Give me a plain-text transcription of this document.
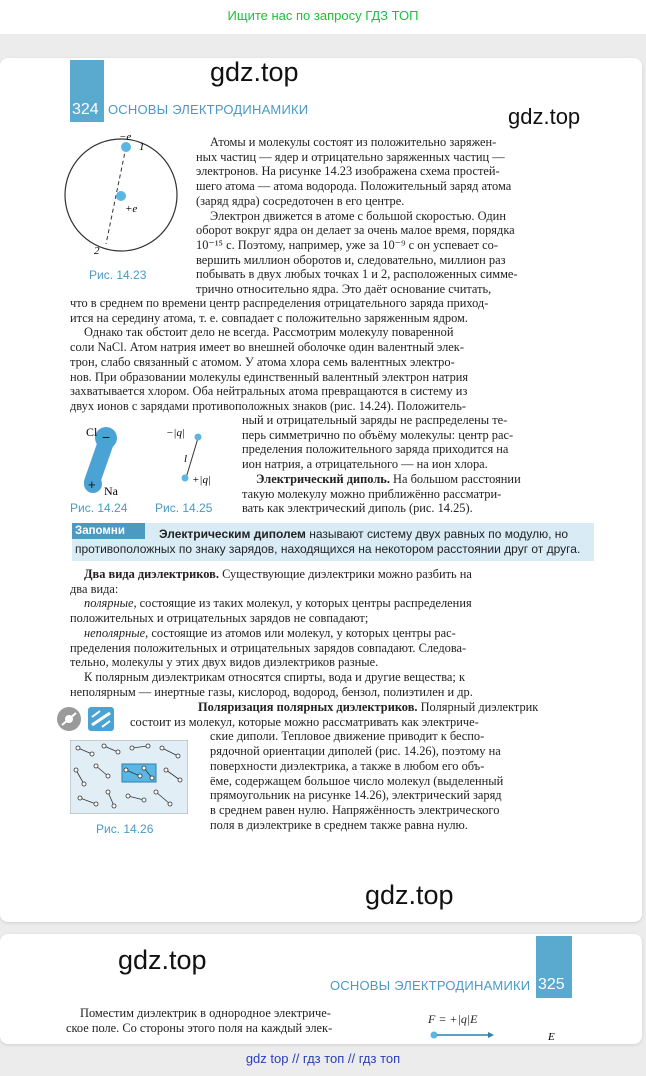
Ищите нас по запросу ГДЗ ТОП
324 ОСНОВЫ ЭЛЕКТРОДИНАМИКИ
gdz.top
gdz.top
−e
1
+e
2
Рис. 14.23

Атомы и молекулы состоят из положительно заряжен-

ных частиц — ядер и отрицательно заряженных частиц —
электронов. На рисунке 14.23 изображена схема простей-
шего атома — атома водорода. Положительный заряд атома
(заряд ядра) сосредоточен в его центре.

Электрон движется в атоме с большой скоростью. Один

оборот вокруг ядра он делает за очень малое время, порядка
10⁻¹⁵ с. Поэтому, например, уже за 10⁻⁹ с он успевает со-
вершить миллион оборотов и, следовательно, миллион раз
побывать в двух любых точках 1 и 2, расположенных симме-
трично относительно ядра. Это даёт основание считать,

что в среднем по времени центр распределения отрицательного заряда приход-
ится на середину атома, т. е. совпадает с положительно заряженным ядром.

Однако так обстоит дело не всегда. Рассмотрим молекулу поваренной

соли NaCl. Атом натрия имеет во внешней оболочке один валентный элек-
трон, слабо связанный с атомом. У атома хлора семь валентных электро-
нов. При образовании молекулы единственный валентный электрон натрия
захватывается хлором. Оба нейтральных атома превращаются в систему из
двух ионов с зарядами противоположных знаков (рис. 14.24). Положитель-

−
+
Cl
Na
Рис. 14.24
−|q|
l
+|q|
Рис. 14.25

ный и отрицательный заряды не распределены те-
перь симметрично по объёму молекулы: центр рас-
пределения положительного заряда приходится на
ион натрия, а отрицательного — на ион хлора.

Электрический диполь. На большом расстоянии

такую молекулу можно приближённо рассматри-
вать как электрический диполь (рис. 14.25).

Запомни	Электрическим диполем называют систему двух равных по модулю, но
противоположных по знаку зарядов, находящихся на некотором расстоянии друг от друга.

Два вида диэлектриков. Существующие диэлектрики можно разбить на

два вида:

полярные, состоящие из таких молекул, у которых центры распределения

положительных и отрицательных зарядов не совпадают;

неполярные, состоящие из атомов или молекул, у которых центры рас-

пределения положительных и отрицательных зарядов совпадают. Следова-
тельно, молекулы у этих двух видов диэлектриков разные.

К полярным диэлектрикам относятся спирты, вода и другие вещества; к

неполярным — инертные газы, кислород, водород, бензол, полиэтилен и др.

Поляризация полярных диэлектриков. Полярный диэлектрик

состоит из молекул, которые можно рассматривать как электриче-

ские диполи. Тепловое движение приводит к беспо-
рядочной ориентации диполей (рис. 14.26), поэтому на
поверхности диэлектрика, а также в любом его объ-
ёме, содержащем большое число молекул (выделенный
прямоугольник на рисунке 14.26), электрический заряд
в среднем равен нулю. Напряжённость электрического
поля в диэлектрике в среднем также равна нулю.

Рис. 14.26
gdz.top
325
ОСНОВЫ ЭЛЕКТРОДИНАМИКИ
gdz.top

Поместим диэлектрик в однородное электриче-

ское поле. Со стороны этого поля на каждый элек-

F = +|q|E
E
gdz top // гдз топ // гдз топ
